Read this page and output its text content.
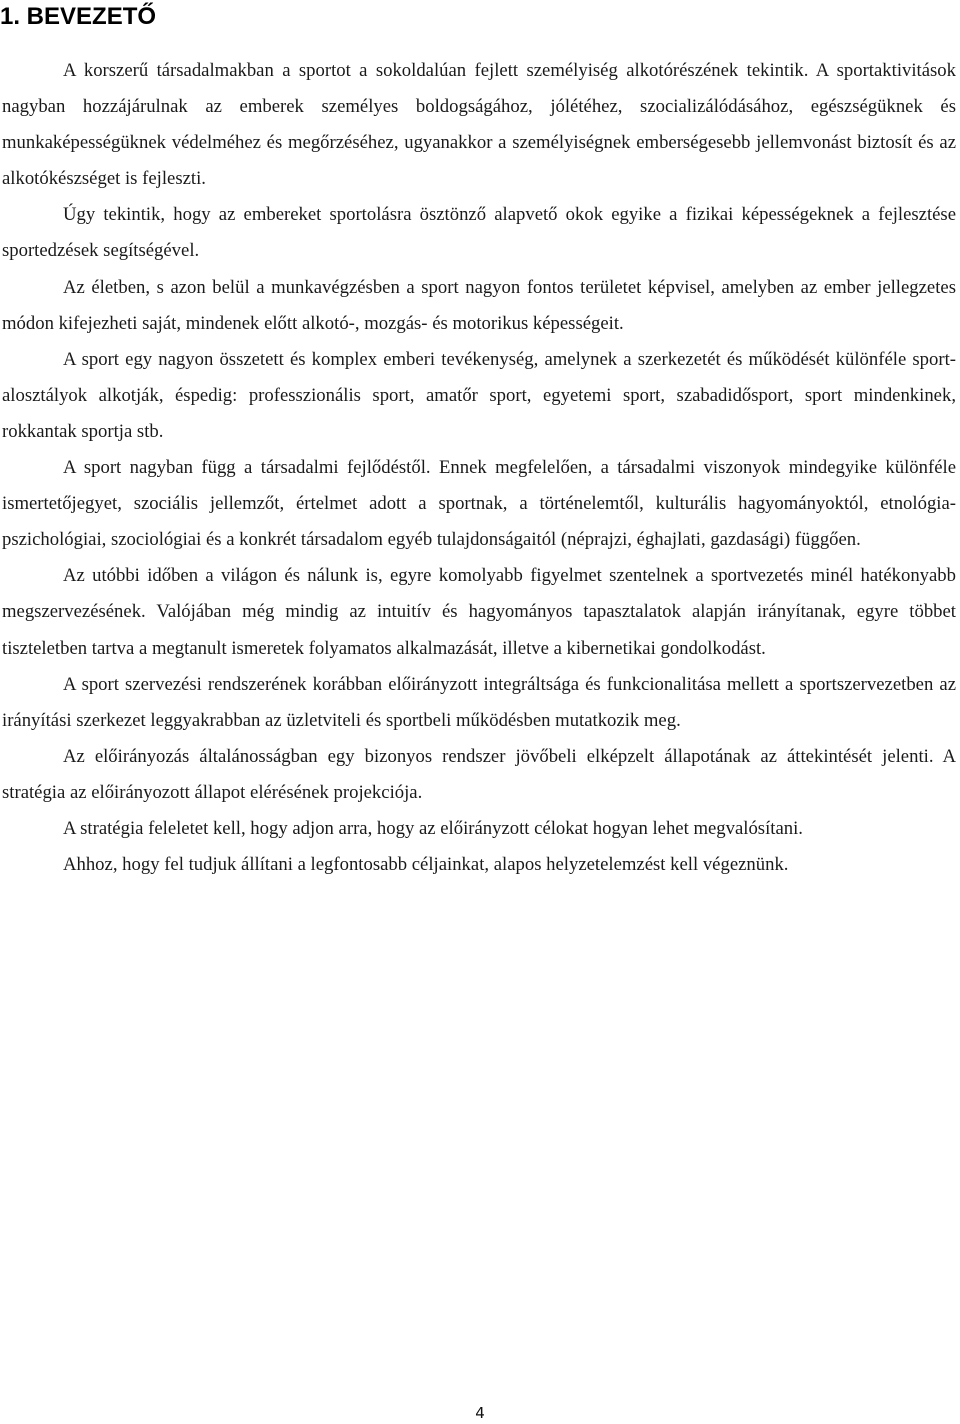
1. BEVEZETŐ

A korszerű társadalmakban a sportot a sokoldalúan fejlett személyiség alkotórészének tekintik. A sportaktivitások nagyban hozzájárulnak az emberek személyes boldogságához, jólétéhez, szocializálódásához, egészségüknek és munkaképességüknek védelméhez és megőrzéséhez, ugyanakkor a személyiségnek emberségesebb jellemvonást biztosít és az alkotókészséget is fejleszti.

Úgy tekintik, hogy az embereket sportolásra ösztönző alapvető okok egyike a fizikai képességeknek a fejlesztése sportedzések segítségével.

Az életben, s azon belül a munkavégzésben a sport nagyon fontos területet képvisel, amelyben az ember jellegzetes módon kifejezheti saját, mindenek előtt alkotó-, mozgás- és motorikus képességeit.

A sport egy nagyon összetett és komplex emberi tevékenység, amelynek a szerkezetét és működését különféle sport-alosztályok alkotják, éspedig: professzionális sport, amatőr sport, egyetemi sport, szabadidősport, sport mindenkinek, rokkantak sportja stb.

A sport nagyban függ a társadalmi fejlődéstől. Ennek megfelelően, a társadalmi viszonyok mindegyike különféle ismertetőjegyet, szociális jellemzőt, értelmet adott a sportnak, a történelemtől, kulturális hagyományoktól, etnológia-pszichológiai, szociológiai és a konkrét társadalom egyéb tulajdonságaitól (néprajzi, éghajlati, gazdasági) függően.

Az utóbbi időben a világon és nálunk is, egyre komolyabb figyelmet szentelnek a sportvezetés minél hatékonyabb megszervezésének. Valójában még mindig az intuitív és hagyományos tapasztalatok alapján irányítanak, egyre többet tiszteletben tartva a megtanult ismeretek folyamatos alkalmazását, illetve a kibernetikai gondolkodást.

A sport szervezési rendszerének korábban előirányzott integráltsága és funkcionalitása mellett a sportszervezetben az irányítási szerkezet leggyakrabban az üzletviteli és sportbeli működésben mutatkozik meg.

Az előirányozás általánosságban egy bizonyos rendszer jövőbeli elképzelt állapotának az áttekintését jelenti. A stratégia az előirányozott állapot elérésének projekciója.

A stratégia feleletet kell, hogy adjon arra, hogy az előirányzott célokat hogyan lehet megvalósítani.

Ahhoz, hogy fel tudjuk állítani a legfontosabb céljainkat, alapos helyzetelemzést kell végeznünk.

4
